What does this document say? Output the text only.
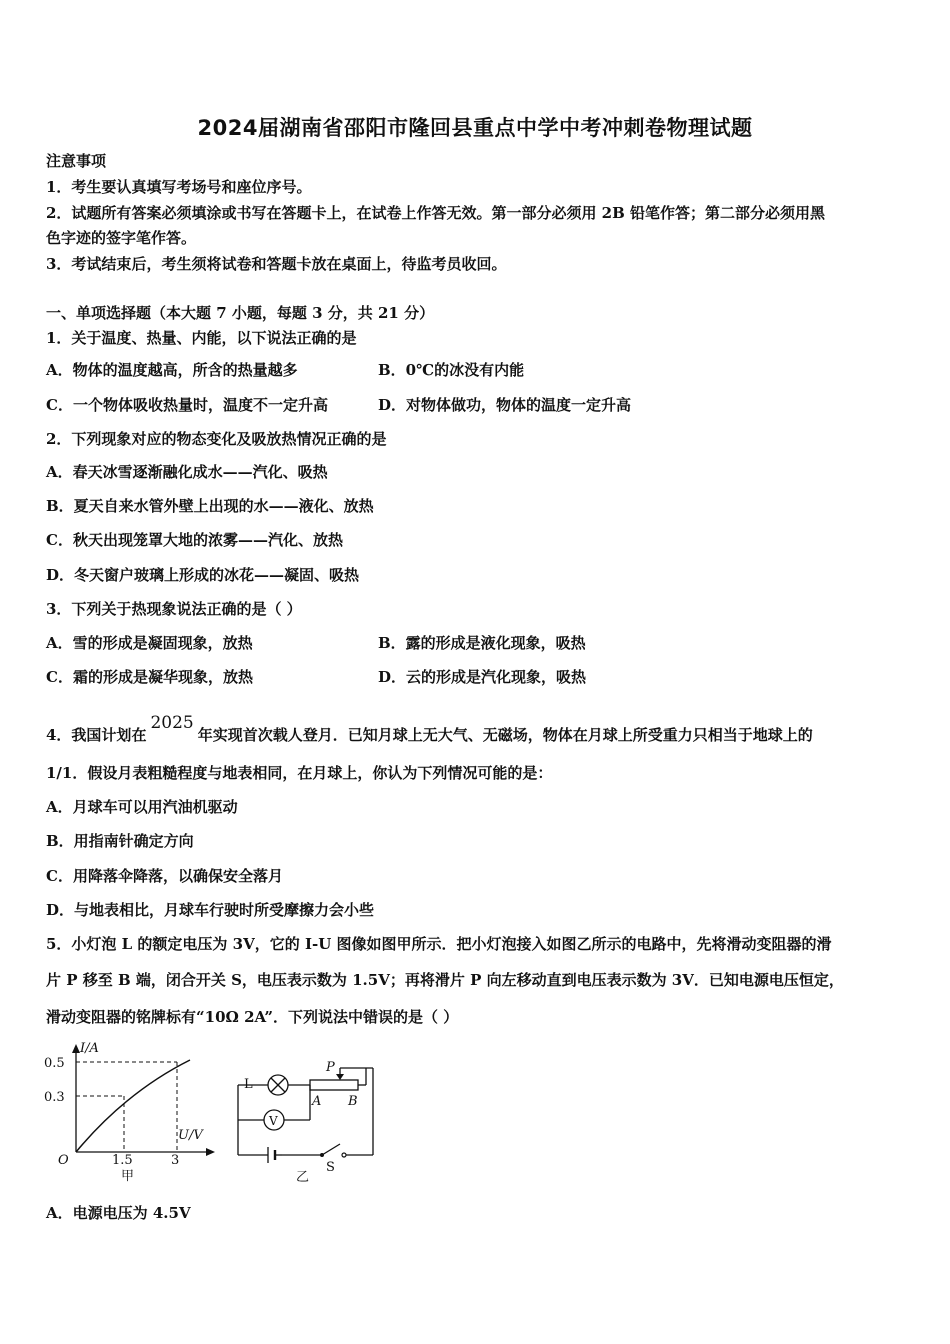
2024届湖南省邵阳市隆回县重点中学中考冲刺卷物理试题
注意事项
1．考生要认真填写考场号和座位序号。
2．试题所有答案必须填涂或书写在答题卡上，在试卷上作答无效。第一部分必须用 2B 铅笔作答；第二部分必须用黑
色字迹的签字笔作答。
3．考试结束后，考生须将试卷和答题卡放在桌面上，待监考员收回。
一、单项选择题（本大题 7 小题，每题 3 分，共 21 分）
1．关于温度、热量、内能，以下说法正确的是
A．物体的温度越高，所含的热量越多	B．0℃的冰没有内能
C．一个物体吸收热量时，温度不一定升高	D．对物体做功，物体的温度一定升高
2．下列现象对应的物态变化及吸放热情况正确的是
A．春天冰雪逐渐融化成水——汽化、吸热
B．夏天自来水管外壁上出现的水——液化、放热
C．秋天出现笼罩大地的浓雾——汽化、放热
D．冬天窗户玻璃上形成的冰花——凝固、吸热
3．下列关于热现象说法正确的是（ ）
A．雪的形成是凝固现象，放热	B．露的形成是液化现象，吸热
C．霜的形成是凝华现象，放热	D．云的形成是汽化现象，吸热
4．我国计划在2025年实现首次载人登月．已知月球上无大气、无磁场，物体在月球上所受重力只相当于地球上的
1/1．假设月表粗糙程度与地表相同，在月球上，你认为下列情况可能的是：
A．月球车可以用汽油机驱动
B．用指南针确定方向
C．用降落伞降落，以确保安全落月
D．与地表相比，月球车行驶时所受摩擦力会小些
5．小灯泡 L 的额定电压为 3V，它的 I-U 图像如图甲所示．把小灯泡接入如图乙所示的电路中，先将滑动变阻器的滑
片 P 移至 B 端，闭合开关 S，电压表示数为 1.5V；再将滑片 P 向左移动直到电压表示数为 3V．已知电源电压恒定，
滑动变阻器的铭牌标有“10Ω 2A”．下列说法中错误的是（ ）
I/A
U/V
0.5
0.3
O	1.5	3
甲
L
P
A B
V
S
乙
A．电源电压为 4.5V
